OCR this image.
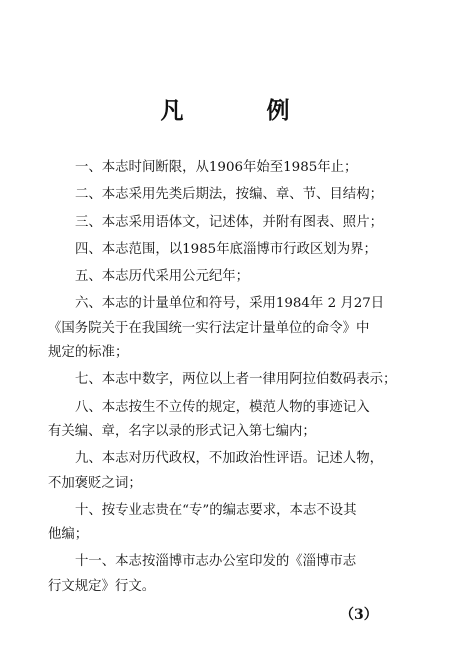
凡　例

一、本志时间断限，从1906年始至1985年止；

二、本志采用先类后期法，按编、章、节、目结构；

三、本志采用语体文，记述体，并附有图表、照片；

四、本志范围，以1985年底淄博市行政区划为界；

五、本志历代采用公元纪年；

六、本志的计量单位和符号，采用1984年 2 月27日
《国务院关于在我国统一实行法定计量单位的命令》中
规定的标准；

七、本志中数字，两位以上者一律用阿拉伯数码表示；

八、本志按生不立传的规定，模范人物的事迹记入
有关编、章，名字以录的形式记入第七编内；

九、本志对历代政权，不加政治性评语。记述人物，
不加褒贬之词；

十、按专业志贵在“专”的编志要求，本志不设其
他编；

十一、本志按淄博市志办公室印发的《淄博市志
行文规定》行文。

（3）
